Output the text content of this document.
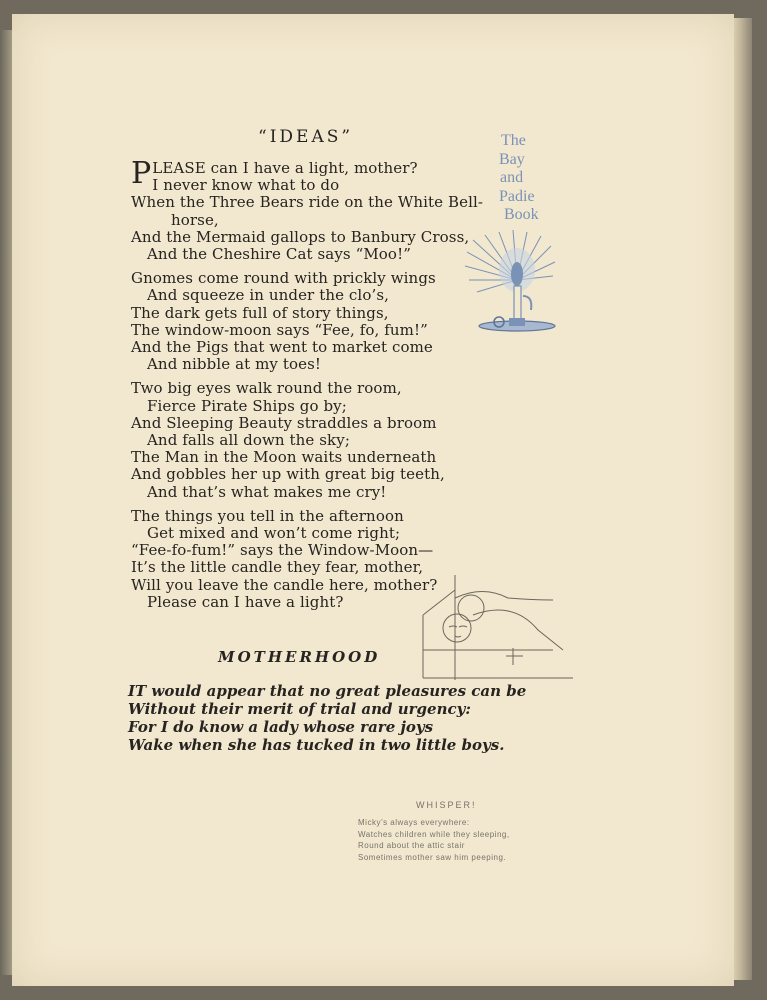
“IDEAS”
P LEASE can I have a light, mother?
I never know what to do
When the Three Bears ride on the White Bell-
horse,
And the Mermaid gallops to Banbury Cross,
And the Cheshire Cat says “Moo!”
Gnomes come round with prickly wings
And squeeze in under the clo’s,
The dark gets full of story things,
The window-moon says “Fee, fo, fum!”
And the Pigs that went to market come
And nibble at my toes!
Two big eyes walk round the room,
Fierce Pirate Ships go by;
And Sleeping Beauty straddles a broom
And falls all down the sky;
The Man in the Moon waits underneath
And gobbles her up with great big teeth,
And that’s what makes me cry!
The things you tell in the afternoon
Get mixed and won’t come right;
“Fee-fo-fum!” says the Window-Moon—
It’s the little candle they fear, mother,
Will you leave the candle here, mother?
Please can I have a light?
The
Bay
and
Padie
Book
MOTHERHOOD
IT would appear that no great pleasures can be
Without their merit of trial and urgency:
For I do know a lady whose rare joys
Wake when she has tucked in two little boys.
WHISPER!
Micky’s always everywhere:
Watches children while they sleeping,
Round about the attic stair
Sometimes mother saw him peeping.
